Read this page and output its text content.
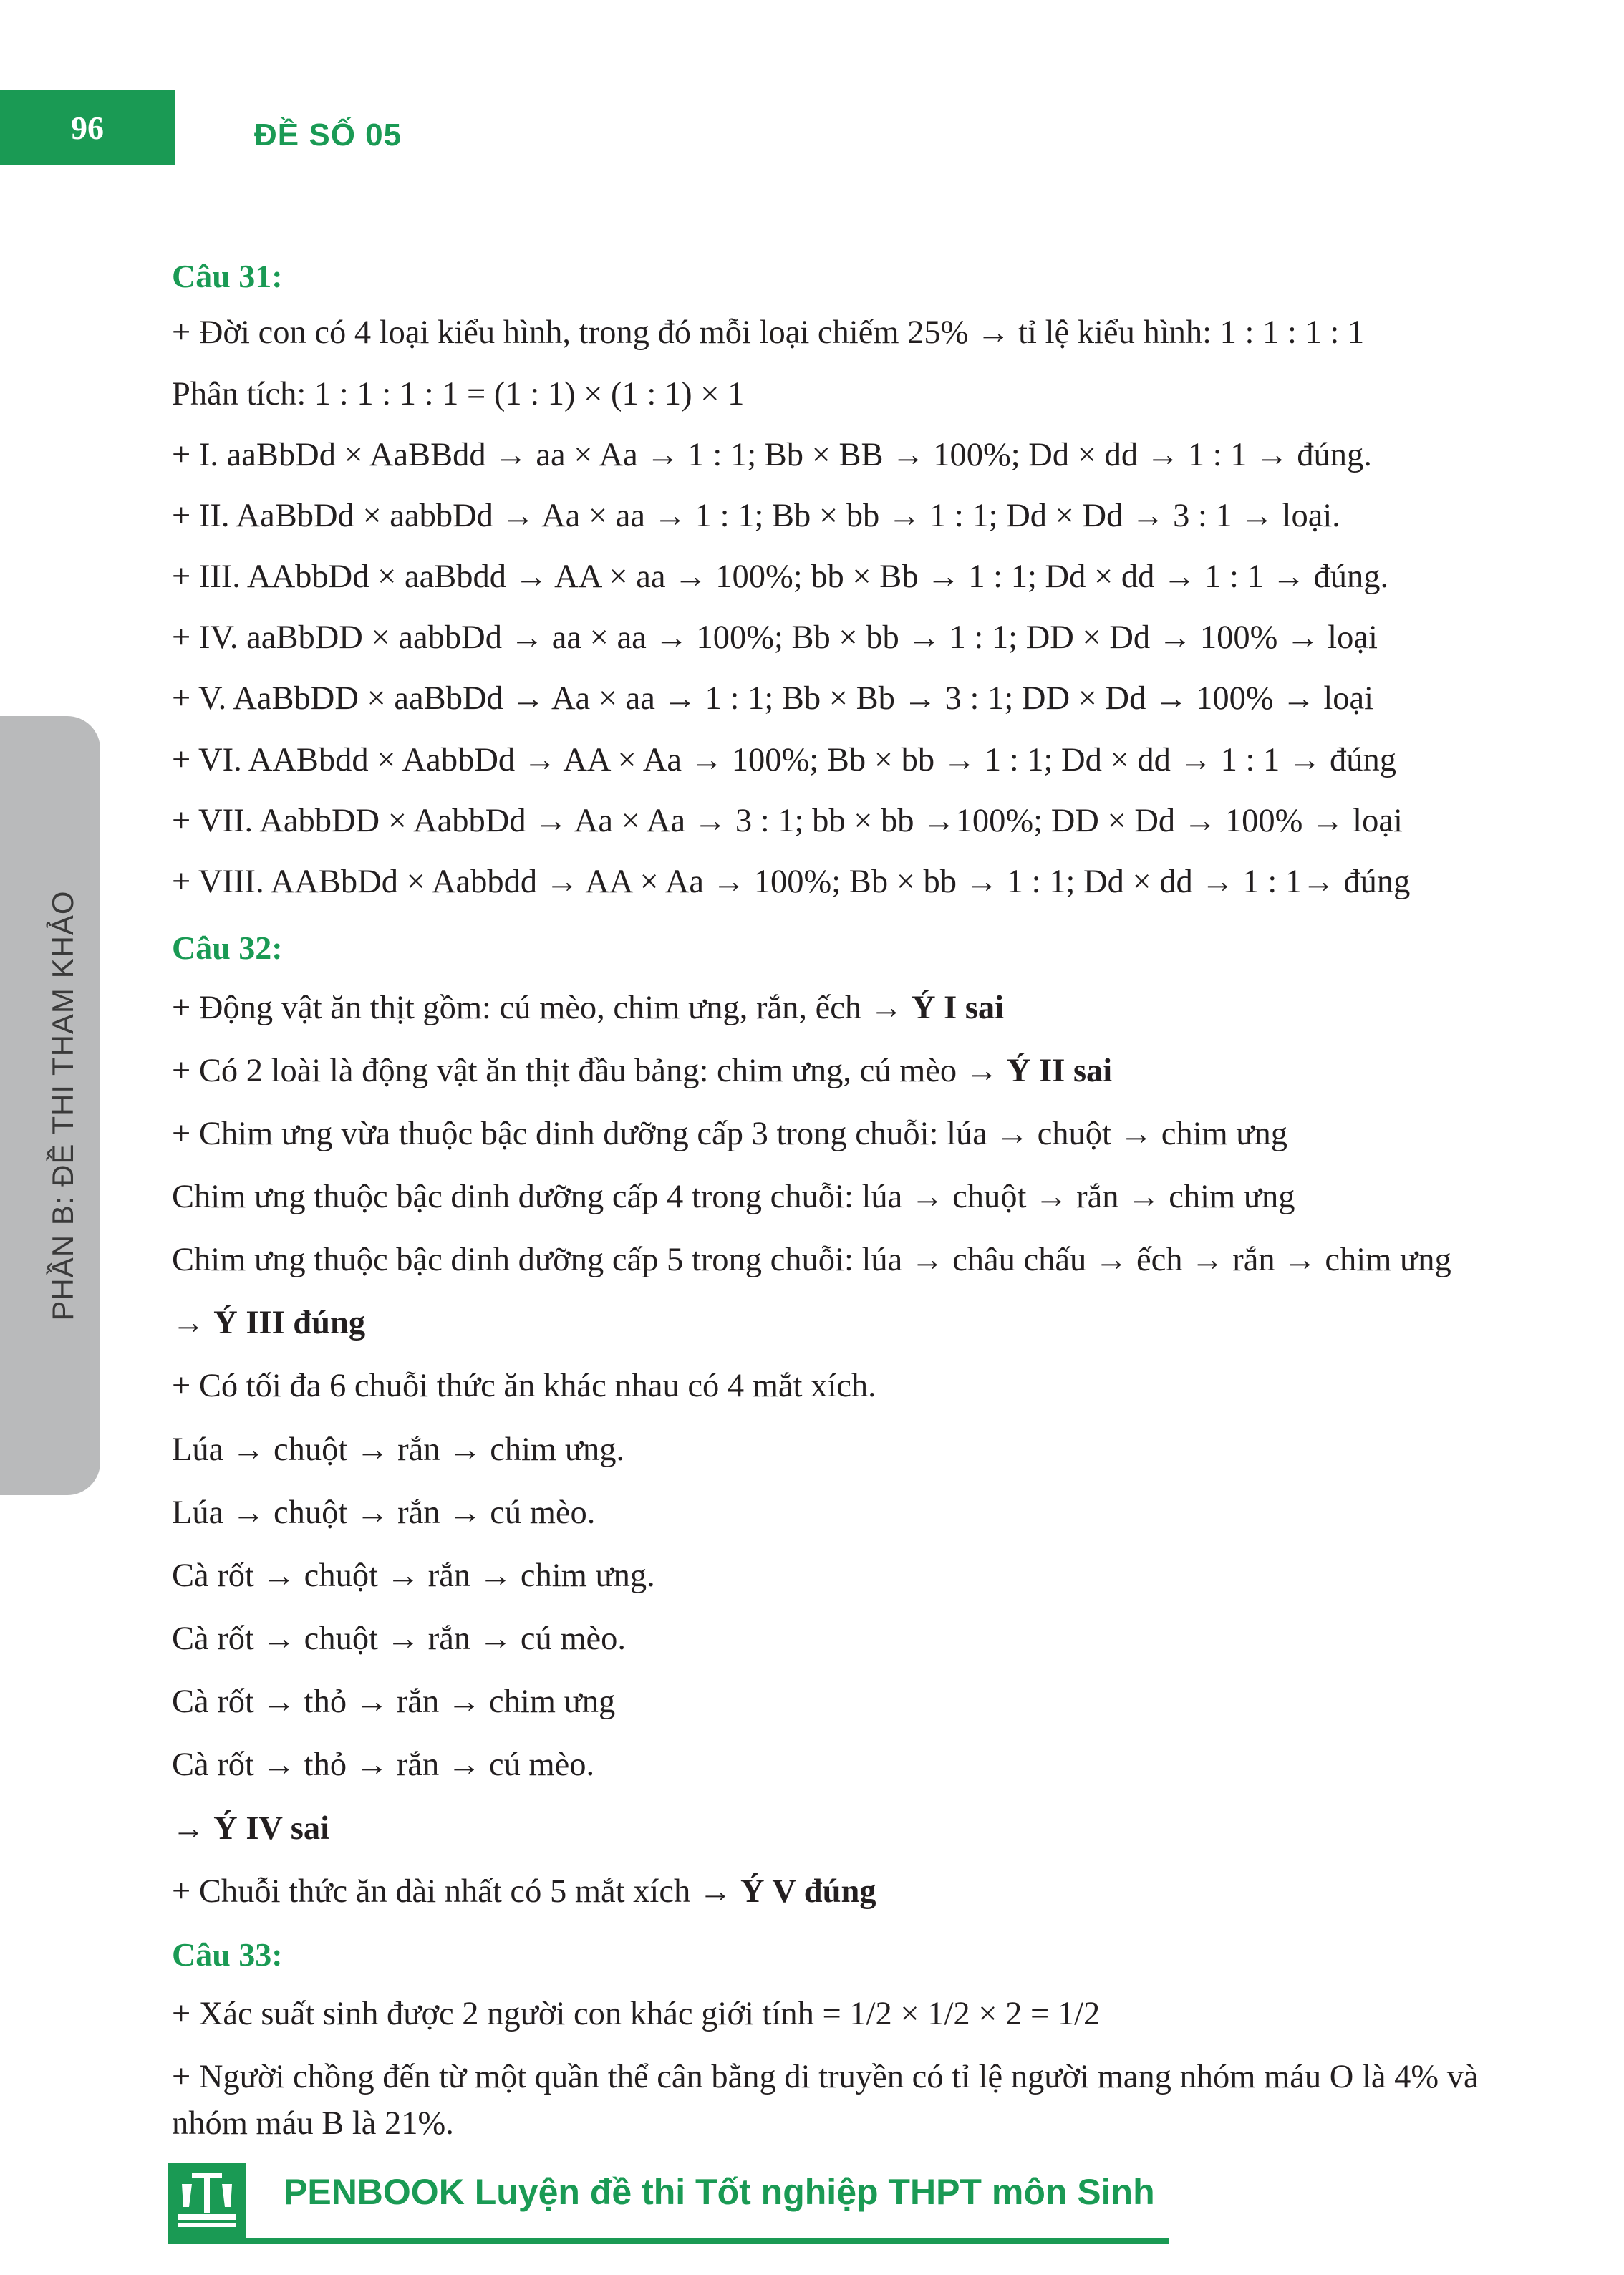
96	ĐỀ SỐ 05
PHẦN B: ĐỀ THI THAM KHẢO
Câu 31:
+ Đời con có 4 loại kiểu hình, trong đó mỗi loại chiếm 25% → tỉ lệ kiểu hình: 1 : 1 : 1 : 1
Phân tích: 1 : 1 : 1 : 1 = (1 : 1) × (1 : 1) × 1
+ I. aaBbDd × AaBBdd → aa × Aa → 1 : 1; Bb × BB → 100%; Dd × dd → 1 : 1 → đúng.
+ II. AaBbDd × aabbDd → Aa × aa → 1 : 1; Bb × bb → 1 : 1; Dd × Dd → 3 : 1 → loại.
+ III. AAbbDd × aaBbdd → AA × aa → 100%; bb × Bb → 1 : 1; Dd × dd → 1 : 1 → đúng.
+ IV. aaBbDD × aabbDd → aa × aa → 100%; Bb × bb → 1 : 1; DD × Dd → 100% → loại
+ V. AaBbDD × aaBbDd → Aa × aa → 1 : 1; Bb × Bb → 3 : 1; DD × Dd → 100% → loại
+ VI. AABbdd × AabbDd → AA × Aa → 100%; Bb × bb → 1 : 1; Dd × dd → 1 : 1 → đúng
+ VII. AabbDD × AabbDd → Aa × Aa → 3 : 1; bb × bb →100%; DD × Dd → 100% → loại
+ VIII. AABbDd × Aabbdd → AA × Aa → 100%; Bb × bb → 1 : 1; Dd × dd → 1 : 1→ đúng
Câu 32:
+ Động vật ăn thịt gồm: cú mèo, chim ưng, rắn, ếch → Ý I sai
+ Có 2 loài là động vật ăn thịt đầu bảng: chim ưng, cú mèo → Ý II sai
+ Chim ưng vừa thuộc bậc dinh dưỡng cấp 3 trong chuỗi: lúa → chuột → chim ưng
Chim ưng thuộc bậc dinh dưỡng cấp 4 trong chuỗi: lúa → chuột → rắn → chim ưng
Chim ưng thuộc bậc dinh dưỡng cấp 5 trong chuỗi: lúa → châu chấu → ếch → rắn → chim ưng
→ Ý III đúng
+ Có tối đa 6 chuỗi thức ăn khác nhau có 4 mắt xích.
Lúa → chuột → rắn → chim ưng.
Lúa → chuột → rắn → cú mèo.
Cà rốt → chuột → rắn → chim ưng.
Cà rốt → chuột → rắn → cú mèo.
Cà rốt → thỏ → rắn → chim ưng
Cà rốt → thỏ → rắn → cú mèo.
→ Ý IV sai
+ Chuỗi thức ăn dài nhất có 5 mắt xích → Ý V đúng
Câu 33:
+ Xác suất sinh được 2 người con khác giới tính = 1/2 × 1/2 × 2 = 1/2
+ Người chồng đến từ một quần thể cân bằng di truyền có tỉ lệ người mang nhóm máu O là 4% và nhóm máu B là 21%.
PENBOOK Luyện đề thi Tốt nghiệp THPT môn Sinh
